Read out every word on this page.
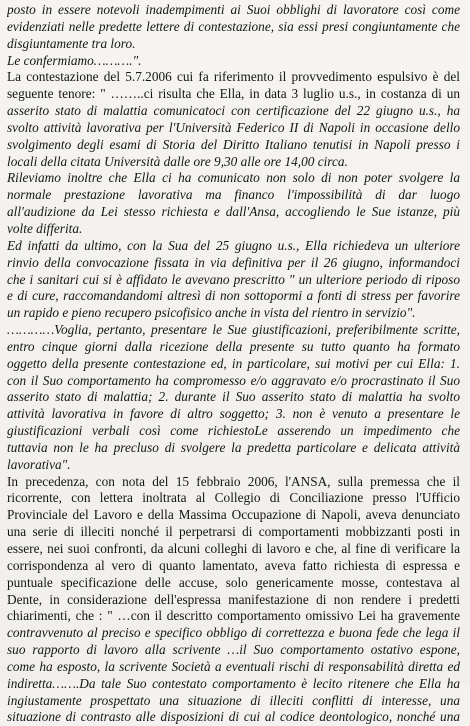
posto in essere notevoli inadempimenti ai Suoi obblighi di lavoratore così come
evidenziati nelle predette lettere di contestazione, sia essi presi congiuntamente che
disgiuntamente tra loro.
Le confermiamo……….".
La contestazione del 5.7.2006 cui fa riferimento il provvedimento espulsivo è del
seguente tenore: " ……..ci risulta che Ella, in data 3 luglio u.s., in costanza di un
asserito stato di malattia comunicatoci con certificazione del 22 giugno u.s., ha
svolto attività lavorativa per l'Università Federico II di Napoli in occasione dello
svolgimento degli esami di Storia del Diritto Italiano tenutisi in Napoli presso i
locali della citata Università dalle ore 9,30 alle ore 14,00 circa.
Rileviamo inoltre che Ella ci ha comunicato non solo di non poter svolgere la
normale prestazione lavorativa ma financo l'impossibilità di dar luogo
all'audizione da Lei stesso richiesta e dall'Ansa, accogliendo le Sue istanze, più
volte differita.
Ed infatti da ultimo, con la Sua del 25 giugno u.s., Ella richiedeva un ulteriore
rinvio della convocazione fissata in via definitiva per il 26 giugno, informandoci
che i sanitari cui si è affidato le avevano prescritto " un ulteriore periodo di riposo
e di cure, raccomandandomi altresì di non sottopormi a fonti di stress per favorire
un rapido e pieno recupero psicofisico anche in vista del rientro in servizio".
…………Voglia, pertanto, presentare le Sue giustificazioni, preferibilmente scritte,
entro cinque giorni dalla ricezione della presente su tutto quanto ha formato
oggetto della presente contestazione ed, in particolare, sui motivi per cui Ella: 1.
con il Suo comportamento ha compromesso e/o aggravato e/o procrastinato il Suo
asserito stato di malattia; 2. durante il Suo asserito stato di malattia ha svolto
attività lavorativa in favore di altro soggetto; 3. non è venuto a presentare le
giustificazioni verbali così come richiestoLe asserendo un impedimento che
tuttavia non le ha precluso di svolgere la predetta particolare e delicata attività
lavorativa".
In precedenza, con nota del 15 febbraio 2006, l'ANSA, sulla premessa che il
ricorrente, con lettera inoltrata al Collegio di Conciliazione presso l'Ufficio
Provinciale del Lavoro e della Massima Occupazione di Napoli, aveva denunciato
una serie di illeciti nonché il perpetrarsi di comportamenti mobbizzanti posti in
essere, nei suoi confronti, da alcuni colleghi di lavoro e che, al fine di verificare la
corrispondenza al vero di quanto lamentato, aveva fatto richiesta di espressa e
puntuale specificazione delle accuse, solo genericamente mosse, contestava al
Dente, in considerazione dell'espressa manifestazione di non rendere i predetti
chiarimenti, che : " …con il descritto comportamento omissivo Lei ha gravemente
contravvenuto al preciso e specifico obbligo di correttezza e buona fede che lega il
suo rapporto di lavoro alla scrivente …il Suo comportamento ostativo espone,
come ha esposto, la scrivente Società a eventuali rischi di responsabilità diretta ed
indiretta…….Da tale Suo contestato comportamento è lecito ritenere che Ella ha
ingiustamente prospettato una situazione di illeciti conflitti di interesse, una
situazione di contrasto alle disposizioni di cui al codice deontologico, nonché una
